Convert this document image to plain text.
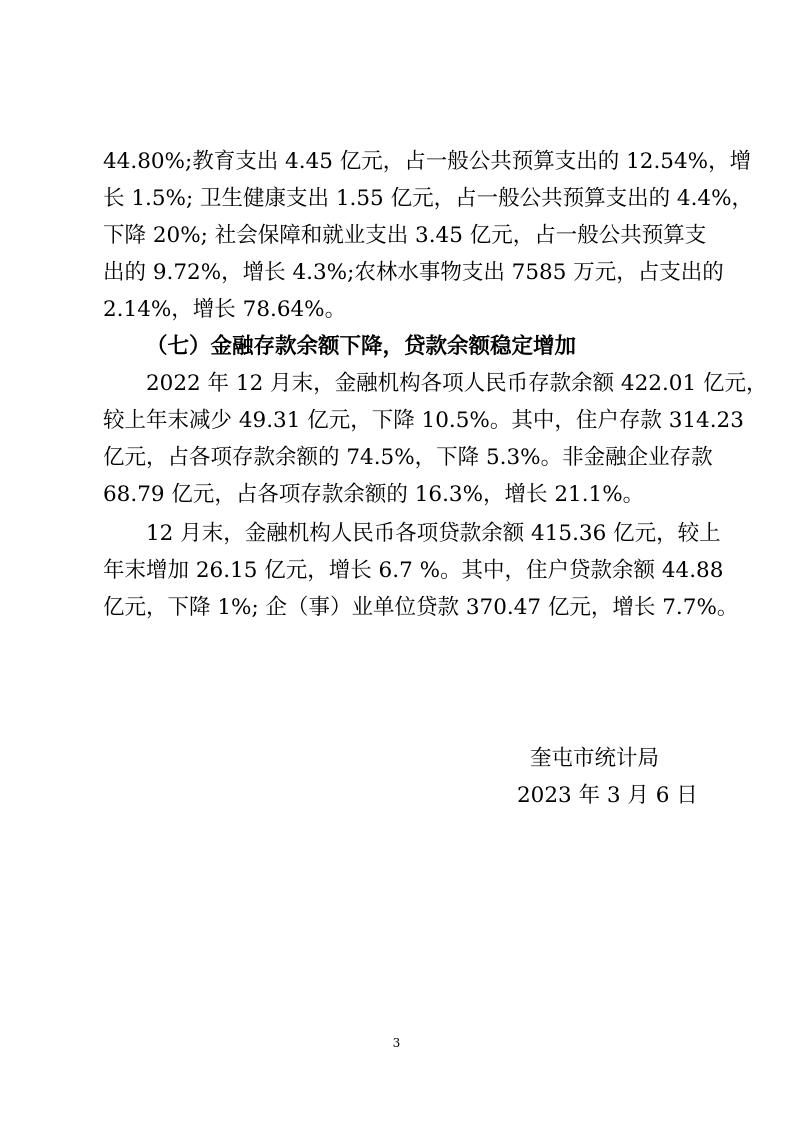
44.80%;教育支出 4.45 亿元，占一般公共预算支出的 12.54%，增
长 1.5%; 卫生健康支出 1.55 亿元，占一般公共预算支出的 4.4%，
下降 20%; 社会保障和就业支出 3.45 亿元，占一般公共预算支
出的 9.72%，增长 4.3%;农林水事物支出 7585 万元，占支出的
2.14%，增长 78.64%。
（七）金融存款余额下降，贷款余额稳定增加
2022 年 12 月末，金融机构各项人民币存款余额 422.01 亿元，
较上年末减少 49.31 亿元，下降 10.5%。其中，住户存款 314.23
亿元，占各项存款余额的 74.5%，下降 5.3%。非金融企业存款
68.79 亿元，占各项存款余额的 16.3%，增长 21.1%。
12 月末，金融机构人民币各项贷款余额 415.36 亿元，较上
年末增加 26.15 亿元，增长 6.7 %。其中，住户贷款余额 44.88
亿元，下降 1%; 企（事）业单位贷款 370.47 亿元，增长 7.7%。
奎屯市统计局
2023 年 3 月 6 日
3
